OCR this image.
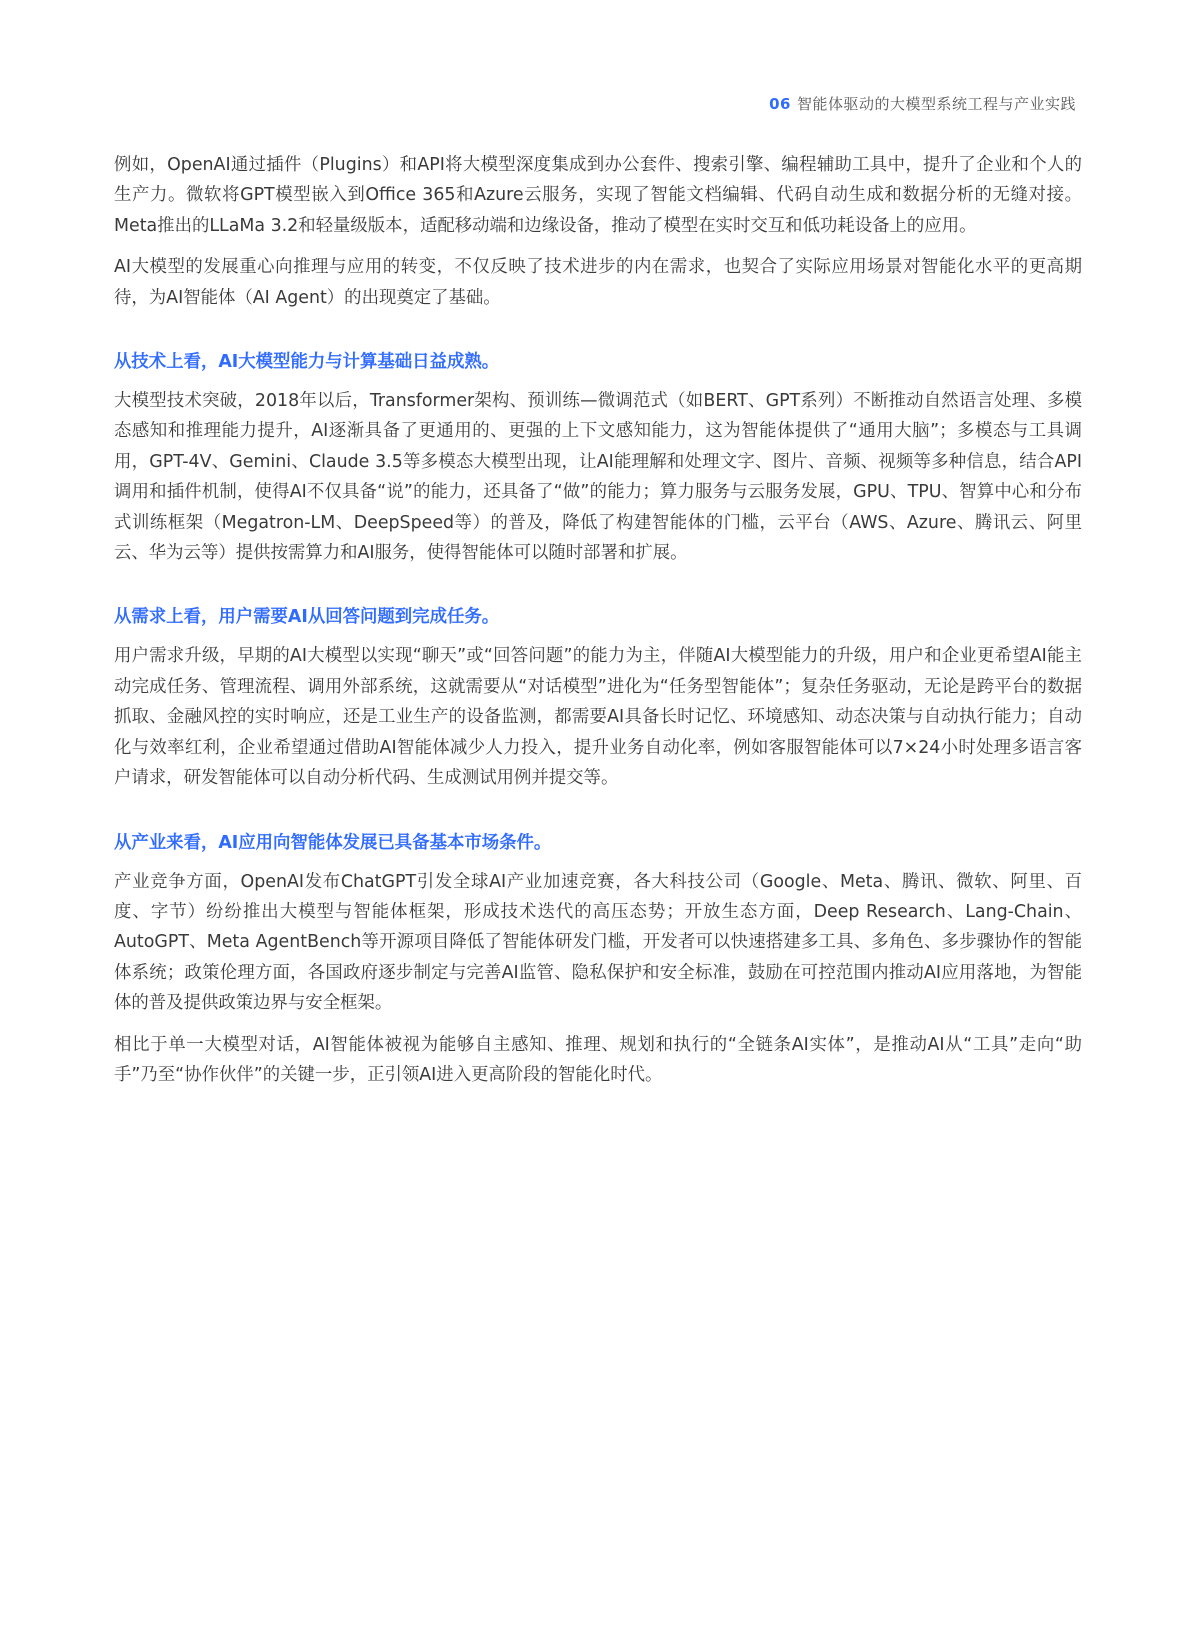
06 智能体驱动的大模型系统工程与产业实践

例如，OpenAI通过插件（Plugins）和API将大模型深度集成到办公套件、搜索引擎、编程辅助工具中，提升了企业和个人的生产力。微软将GPT模型嵌入到Office 365和Azure云服务，实现了智能文档编辑、代码自动生成和数据分析的无缝对接。Meta推出的LLaMa 3.2和轻量级版本，适配移动端和边缘设备，推动了模型在实时交互和低功耗设备上的应用。

AI大模型的发展重心向推理与应用的转变，不仅反映了技术进步的内在需求，也契合了实际应用场景对智能化水平的更高期待，为AI智能体（AI Agent）的出现奠定了基础。

从技术上看，AI大模型能力与计算基础日益成熟。

大模型技术突破，2018年以后，Transformer架构、预训练—微调范式（如BERT、GPT系列）不断推动自然语言处理、多模态感知和推理能力提升，AI逐渐具备了更通用的、更强的上下文感知能力，这为智能体提供了“通用大脑”；多模态与工具调用，GPT-4V、Gemini、Claude 3.5等多模态大模型出现，让AI能理解和处理文字、图片、音频、视频等多种信息，结合API调用和插件机制，使得AI不仅具备“说”的能力，还具备了“做”的能力；算力服务与云服务发展，GPU、TPU、智算中心和分布式训练框架（Megatron-LM、DeepSpeed等）的普及，降低了构建智能体的门槛，云平台（AWS、Azure、腾讯云、阿里云、华为云等）提供按需算力和AI服务，使得智能体可以随时部署和扩展。

从需求上看，用户需要AI从回答问题到完成任务。

用户需求升级，早期的AI大模型以实现“聊天”或“回答问题”的能力为主，伴随AI大模型能力的升级，用户和企业更希望AI能主动完成任务、管理流程、调用外部系统，这就需要从“对话模型”进化为“任务型智能体”；复杂任务驱动，无论是跨平台的数据抓取、金融风控的实时响应，还是工业生产的设备监测，都需要AI具备长时记忆、环境感知、动态决策与自动执行能力；自动化与效率红利，企业希望通过借助AI智能体减少人力投入，提升业务自动化率，例如客服智能体可以7×24小时处理多语言客户请求，研发智能体可以自动分析代码、生成测试用例并提交等。

从产业来看，AI应用向智能体发展已具备基本市场条件。

产业竞争方面，OpenAI发布ChatGPT引发全球AI产业加速竞赛，各大科技公司（Google、Meta、腾讯、微软、阿里、百度、字节）纷纷推出大模型与智能体框架，形成技术迭代的高压态势；开放生态方面，Deep Research、Lang-Chain、AutoGPT、Meta AgentBench等开源项目降低了智能体研发门槛，开发者可以快速搭建多工具、多角色、多步骤协作的智能体系统；政策伦理方面，各国政府逐步制定与完善AI监管、隐私保护和安全标准，鼓励在可控范围内推动AI应用落地，为智能体的普及提供政策边界与安全框架。

相比于单一大模型对话，AI智能体被视为能够自主感知、推理、规划和执行的“全链条AI实体”，是推动AI从“工具”走向“助手”乃至“协作伙伴”的关键一步，正引领AI进入更高阶段的智能化时代。
